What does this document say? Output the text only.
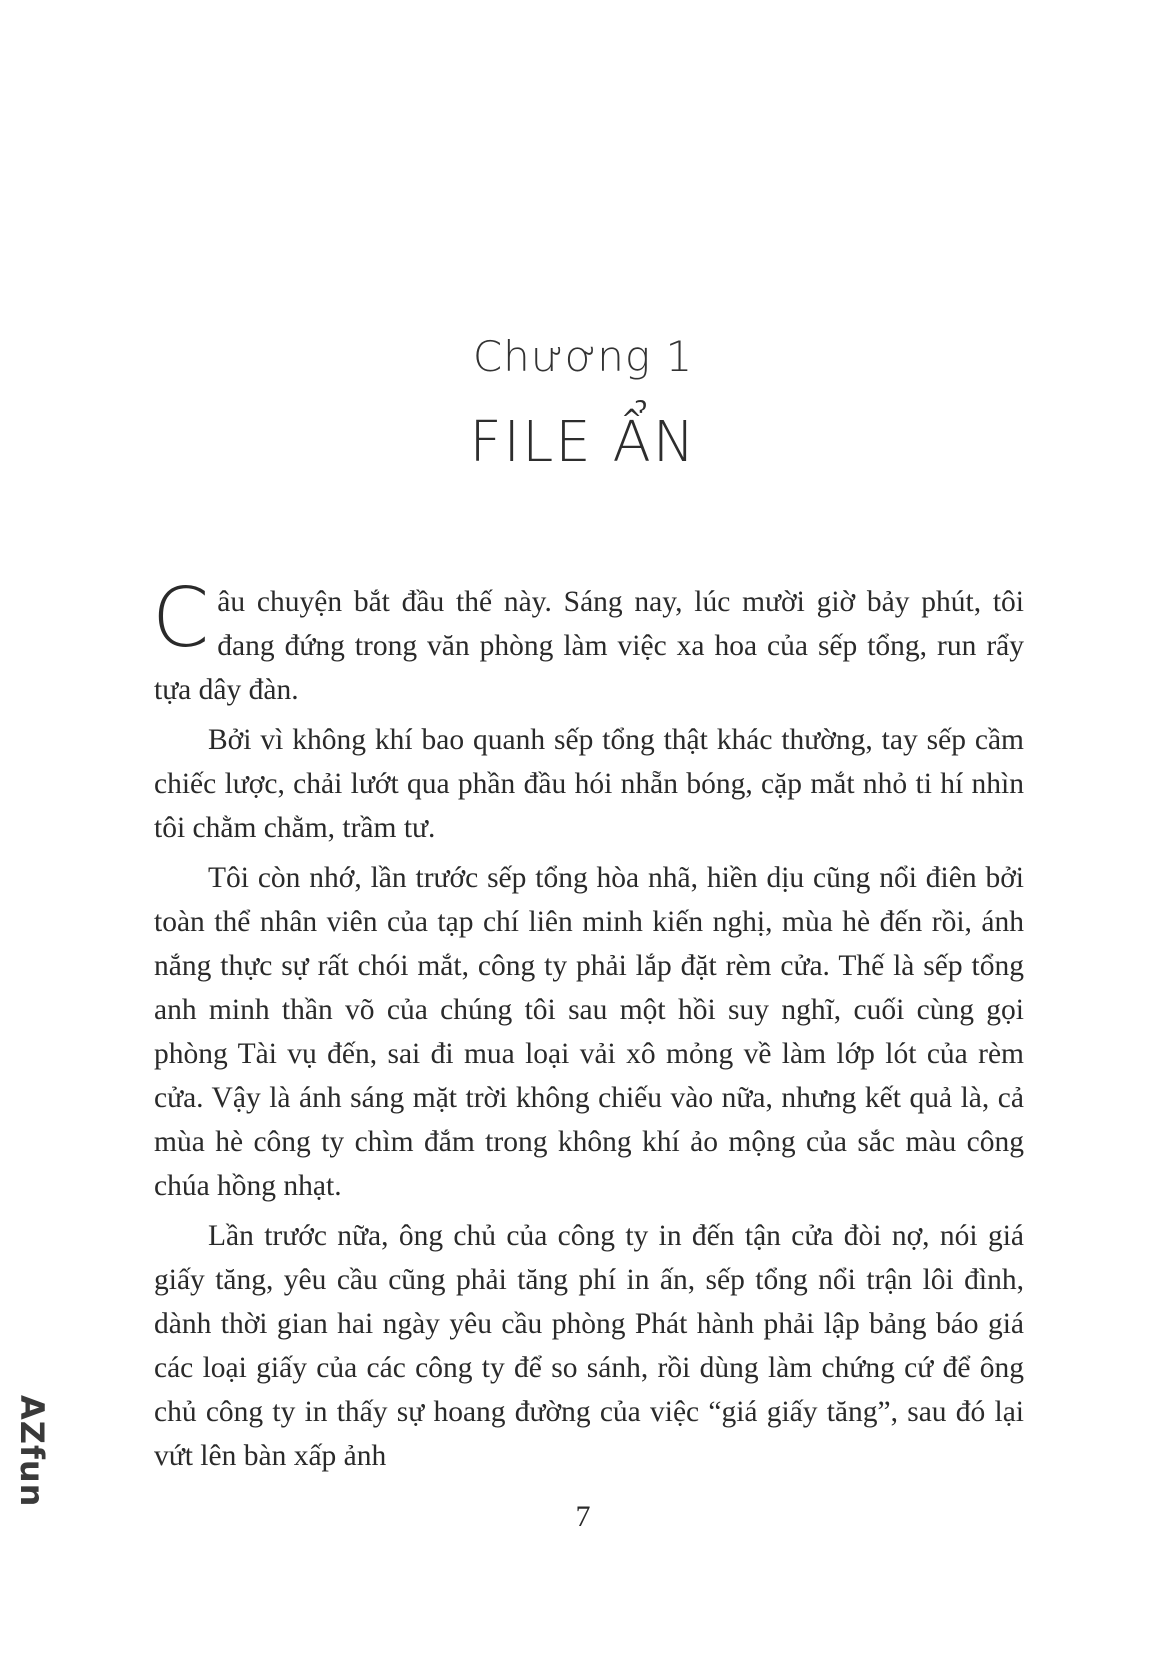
Chương 1
FILE ẨN

Câu chuyện bắt đầu thế này. Sáng nay, lúc mười giờ bảy phút, tôi đang đứng trong văn phòng làm việc xa hoa của sếp tổng, run rẩy tựa dây đàn.

Bởi vì không khí bao quanh sếp tổng thật khác thường, tay sếp cầm chiếc lược, chải lướt qua phần đầu hói nhẵn bóng, cặp mắt nhỏ ti hí nhìn tôi chằm chằm, trầm tư.

Tôi còn nhớ, lần trước sếp tổng hòa nhã, hiền dịu cũng nổi điên bởi toàn thể nhân viên của tạp chí liên minh kiến nghị, mùa hè đến rồi, ánh nắng thực sự rất chói mắt, công ty phải lắp đặt rèm cửa. Thế là sếp tổng anh minh thần võ của chúng tôi sau một hồi suy nghĩ, cuối cùng gọi phòng Tài vụ đến, sai đi mua loại vải xô mỏng về làm lớp lót của rèm cửa. Vậy là ánh sáng mặt trời không chiếu vào nữa, nhưng kết quả là, cả mùa hè công ty chìm đắm trong không khí ảo mộng của sắc màu công chúa hồng nhạt.

Lần trước nữa, ông chủ của công ty in đến tận cửa đòi nợ, nói giá giấy tăng, yêu cầu cũng phải tăng phí in ấn, sếp tổng nổi trận lôi đình, dành thời gian hai ngày yêu cầu phòng Phát hành phải lập bảng báo giá các loại giấy của các công ty để so sánh, rồi dùng làm chứng cứ để ông chủ công ty in thấy sự hoang đường của việc “giá giấy tăng”, sau đó lại vứt lên bàn xấp ảnh

AZfun
7
